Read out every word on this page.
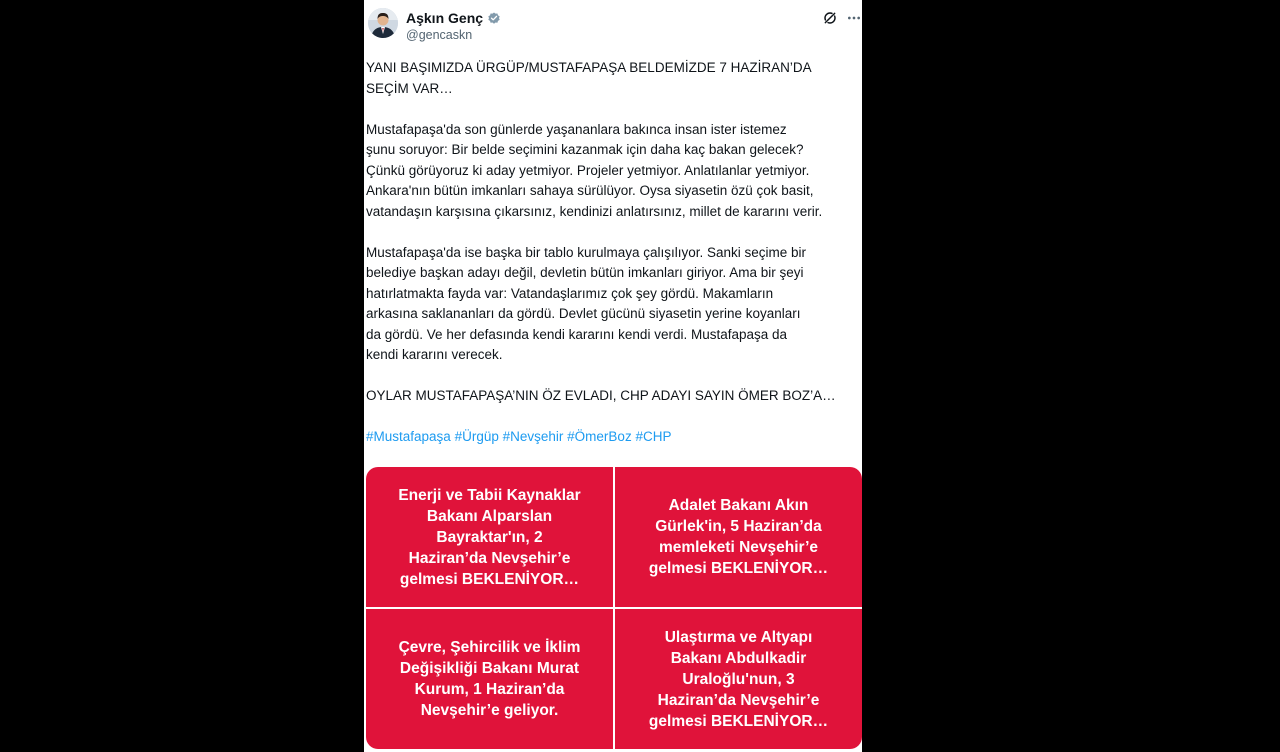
Aşkın Genç
@gencaskn

YANI BAŞIMIZDA ÜRGÜP/MUSTAFAPAŞA BELDEMİZDE 7 HAZİRAN’DA
SEÇİM VAR…

Mustafapaşa'da son günlerde yaşananlara bakınca insan ister istemez
şunu soruyor: Bir belde seçimini kazanmak için daha kaç bakan gelecek?
Çünkü görüyoruz ki aday yetmiyor. Projeler yetmiyor. Anlatılanlar yetmiyor.
Ankara'nın bütün imkanları sahaya sürülüyor. Oysa siyasetin özü çok basit,
vatandaşın karşısına çıkarsınız, kendinizi anlatırsınız, millet de kararını verir.

Mustafapaşa'da ise başka bir tablo kurulmaya çalışılıyor. Sanki seçime bir
belediye başkan adayı değil, devletin bütün imkanları giriyor. Ama bir şeyi
hatırlatmakta fayda var: Vatandaşlarımız çok şey gördü. Makamların
arkasına saklananları da gördü. Devlet gücünü siyasetin yerine koyanları
da gördü. Ve her defasında kendi kararını kendi verdi. Mustafapaşa da
kendi kararını verecek.

OYLAR MUSTAFAPAŞA’NIN ÖZ EVLADI, CHP ADAYI SAYIN ÖMER BOZ’A…

#Mustafapaşa #Ürgüp #Nevşehir #ÖmerBoz #CHP

Enerji ve Tabii Kaynaklar
Bakanı Alparslan
Bayraktar'ın, 2
Haziran’da Nevşehir’e
gelmesi BEKLENİYOR…
Adalet Bakanı Akın
Gürlek'in, 5 Haziran’da
memleketi Nevşehir’e
gelmesi BEKLENİYOR…
Çevre, Şehircilik ve İklim
Değişikliği Bakanı Murat
Kurum, 1 Haziran’da
Nevşehir’e geliyor.
Ulaştırma ve Altyapı
Bakanı Abdulkadir
Uraloğlu'nun, 3
Haziran’da Nevşehir’e
gelmesi BEKLENİYOR…
